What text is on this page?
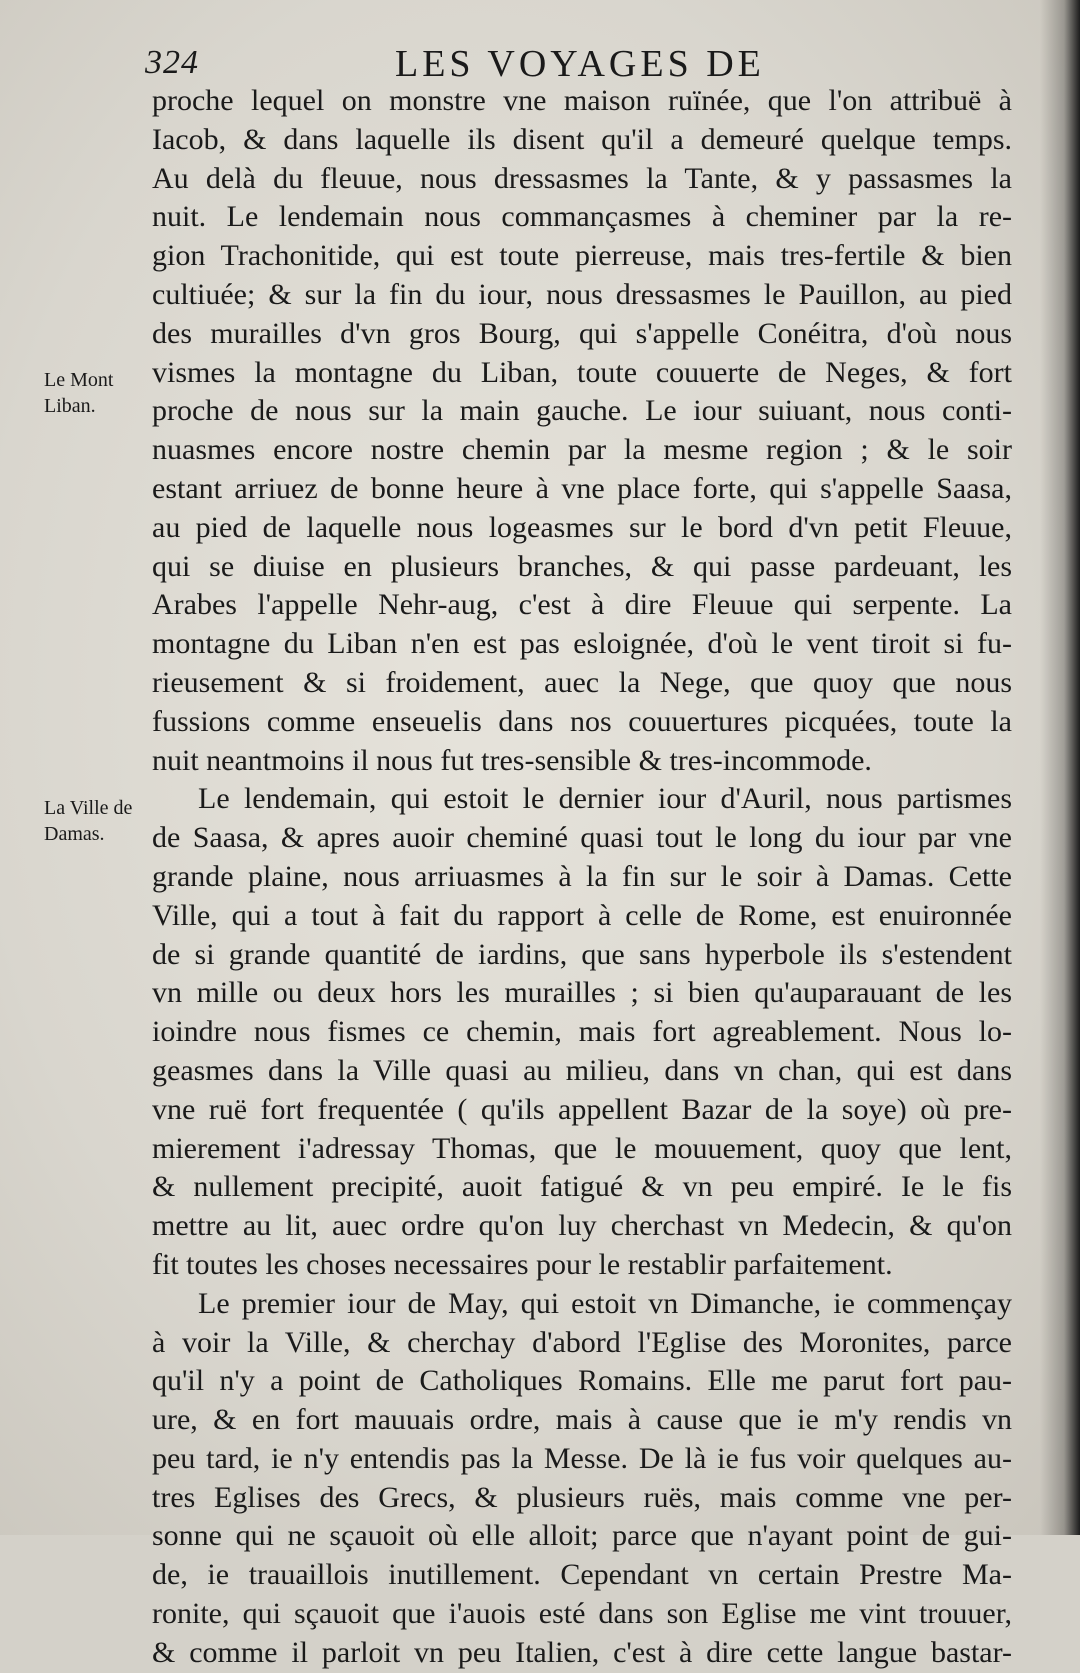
324	LES VOYAGES DE
Le Mont Liban.
La Ville de Damas.
proche lequel on monstre vne maison ruïnée, que l'on attribuë à
Iacob, & dans laquelle ils disent qu'il a demeuré quelque temps.
Au delà du fleuue, nous dressasmes la Tante, & y passasmes la
nuit. Le lendemain nous commançasmes à cheminer par la re-
gion Trachonitide, qui est toute pierreuse, mais tres-fertile & bien
cultiuée; & sur la fin du iour, nous dressasmes le Pauillon, au pied
des murailles d'vn gros Bourg, qui s'appelle Conéitra, d'où nous
vismes la montagne du Liban, toute couuerte de Neges, & fort
proche de nous sur la main gauche. Le iour suiuant, nous conti-
nuasmes encore nostre chemin par la mesme region ; & le soir
estant arriuez de bonne heure à vne place forte, qui s'appelle Saasa,
au pied de laquelle nous logeasmes sur le bord d'vn petit Fleuue,
qui se diuise en plusieurs branches, & qui passe pardeuant, les
Arabes l'appelle Nehr-aug, c'est à dire Fleuue qui serpente. La
montagne du Liban n'en est pas esloignée, d'où le vent tiroit si fu-
rieusement & si froidement, auec la Nege, que quoy que nous
fussions comme enseuelis dans nos couuertures picquées, toute la
nuit neantmoins il nous fut tres-sensible & tres-incommode.
Le lendemain, qui estoit le dernier iour d'Auril, nous partismes
de Saasa, & apres auoir cheminé quasi tout le long du iour par vne
grande plaine, nous arriuasmes à la fin sur le soir à Damas. Cette
Ville, qui a tout à fait du rapport à celle de Rome, est enuironnée
de si grande quantité de iardins, que sans hyperbole ils s'estendent
vn mille ou deux hors les murailles ; si bien qu'auparauant de les
ioindre nous fismes ce chemin, mais fort agreablement. Nous lo-
geasmes dans la Ville quasi au milieu, dans vn chan, qui est dans
vne ruë fort frequentée ( qu'ils appellent Bazar de la soye) où pre-
mierement i'adressay Thomas, que le mouuement, quoy que lent,
& nullement precipité, auoit fatigué & vn peu empiré. Ie le fis
mettre au lit, auec ordre qu'on luy cherchast vn Medecin, & qu'on
fit toutes les choses necessaires pour le restablir parfaitement.
Le premier iour de May, qui estoit vn Dimanche, ie commençay
à voir la Ville, & cherchay d'abord l'Eglise des Moronites, parce
qu'il n'y a point de Catholiques Romains. Elle me parut fort pau-
ure, & en fort mauuais ordre, mais à cause que ie m'y rendis vn
peu tard, ie n'y entendis pas la Messe. De là ie fus voir quelques au-
tres Eglises des Grecs, & plusieurs ruës, mais comme vne per-
sonne qui ne sçauoit où elle alloit; parce que n'ayant point de gui-
de, ie trauaillois inutillement. Cependant vn certain Prestre Ma-
ronite, qui sçauoit que i'auois esté dans son Eglise me vint trouuer,
& comme il parloit vn peu Italien, c'est à dire cette langue bastar-
